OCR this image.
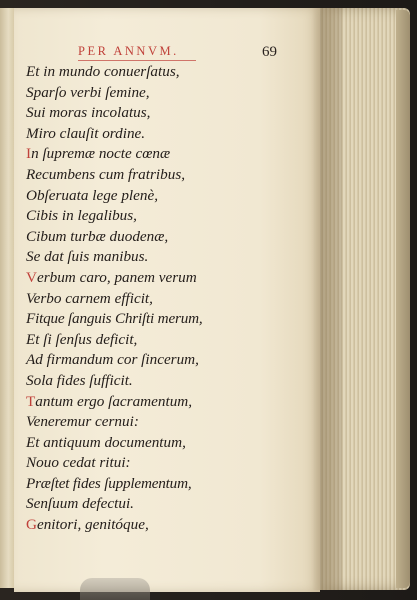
PER ANNVM.	69
Et in mundo conuerſatus,
Sparſo verbi ſemine,
Sui moras incolatus,
Miro clauſit ordine.
In ſupremæ nocte cœnæ
Recumbens cum fratribus,
Obſeruata lege plenè,
Cibis in legalibus,
Cibum turbæ duodenæ,
Se dat ſuis manibus.
Verbum caro, panem verum
Verbo carnem efficit,
Fitque ſanguis Chriſti merum,
Et ſi ſenſus deficit,
Ad firmandum cor ſincerum,
Sola fides ſufficit.
Tantum ergo ſacramentum,
Veneremur cernui:
Et antiquum documentum,
Nouo cedat ritui:
Præſtet fides ſupplementum,
Senſuum defectui.
Genitori, genitóque,
